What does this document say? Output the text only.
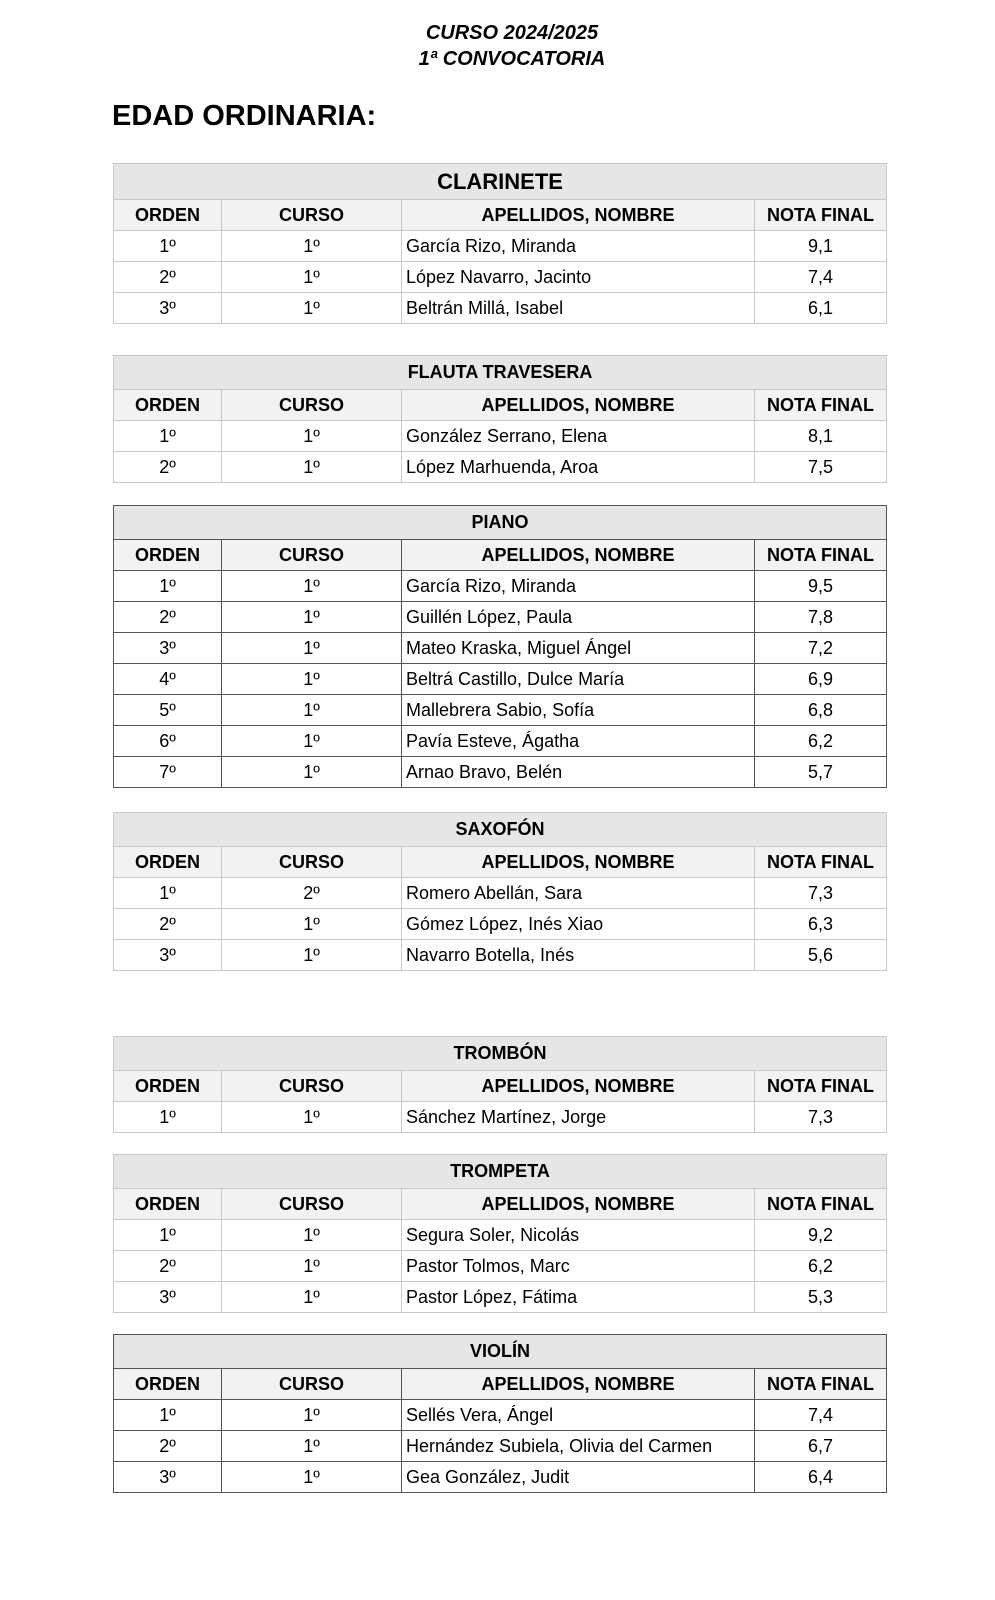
CURSO 2024/2025
1ª CONVOCATORIA
EDAD ORDINARIA:
CLARINETE			
ORDEN	CURSO	APELLIDOS, NOMBRE	NOTA FINAL
1º	1º	García Rizo, Miranda	9,1
2º	1º	López Navarro, Jacinto	7,4
3º	1º	Beltrán Millá, Isabel	6,1
FLAUTA TRAVESERA			
ORDEN	CURSO	APELLIDOS, NOMBRE	NOTA FINAL
1º	1º	González Serrano, Elena	8,1
2º	1º	López Marhuenda, Aroa	7,5
PIANO			
ORDEN	CURSO	APELLIDOS, NOMBRE	NOTA FINAL
1º	1º	García Rizo, Miranda	9,5
2º	1º	Guillén López, Paula	7,8
3º	1º	Mateo Kraska, Miguel Ángel	7,2
4º	1º	Beltrá Castillo, Dulce María	6,9
5º	1º	Mallebrera Sabio, Sofía	6,8
6º	1º	Pavía Esteve, Ágatha	6,2
7º	1º	Arnao Bravo, Belén	5,7
SAXOFÓN			
ORDEN	CURSO	APELLIDOS, NOMBRE	NOTA FINAL
1º	2º	Romero Abellán, Sara	7,3
2º	1º	Gómez López, Inés Xiao	6,3
3º	1º	Navarro Botella, Inés	5,6
TROMBÓN			
ORDEN	CURSO	APELLIDOS, NOMBRE	NOTA FINAL
1º	1º	Sánchez Martínez, Jorge	7,3
TROMPETA			
ORDEN	CURSO	APELLIDOS, NOMBRE	NOTA FINAL
1º	1º	Segura Soler, Nicolás	9,2
2º	1º	Pastor Tolmos, Marc	6,2
3º	1º	Pastor López, Fátima	5,3
VIOLÍN			
ORDEN	CURSO	APELLIDOS, NOMBRE	NOTA FINAL
1º	1º	Sellés Vera, Ángel	7,4
2º	1º	Hernández Subiela, Olivia del Carmen	6,7
3º	1º	Gea González, Judit	6,4
